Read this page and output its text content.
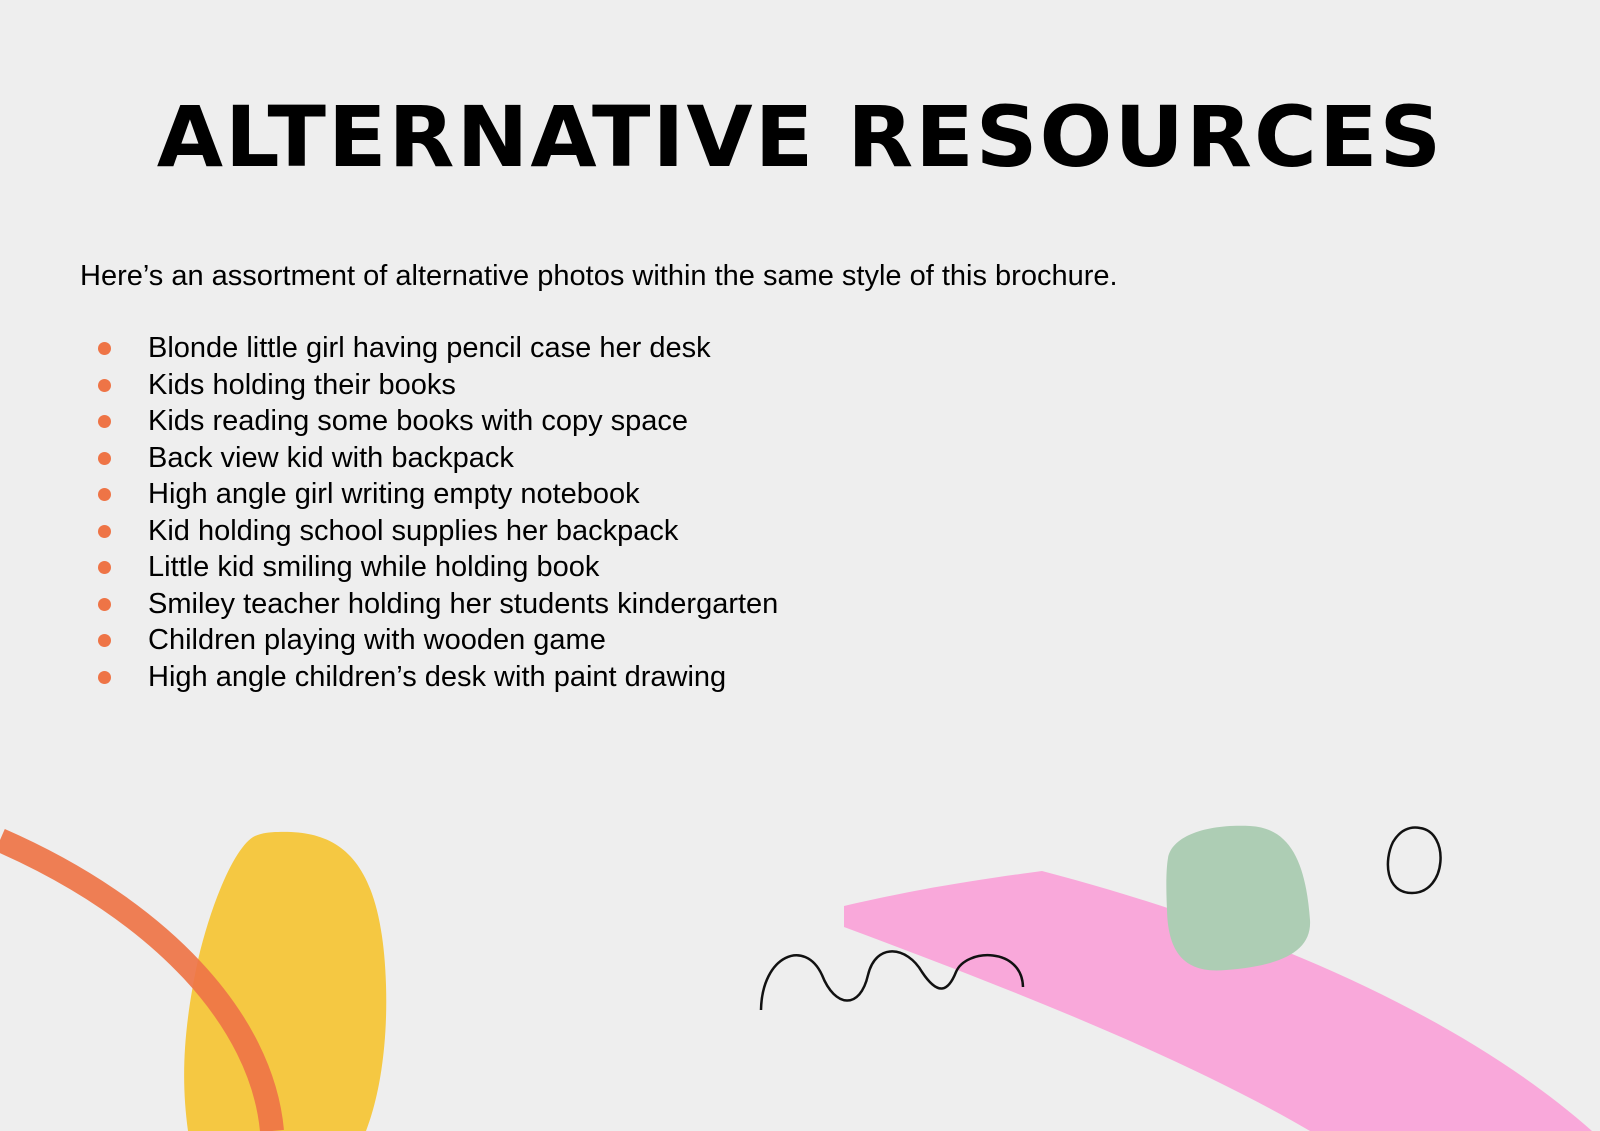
ALTERNATIVE RESOURCES

Here’s an assortment of alternative photos within the same style of this brochure.

Blonde little girl having pencil case her desk
Kids holding their books
Kids reading some books with copy space
Back view kid with backpack
High angle girl writing empty notebook
Kid holding school supplies her backpack
Little kid smiling while holding book
Smiley teacher holding her students kindergarten
Children playing with wooden game
High angle children’s desk with paint drawing
